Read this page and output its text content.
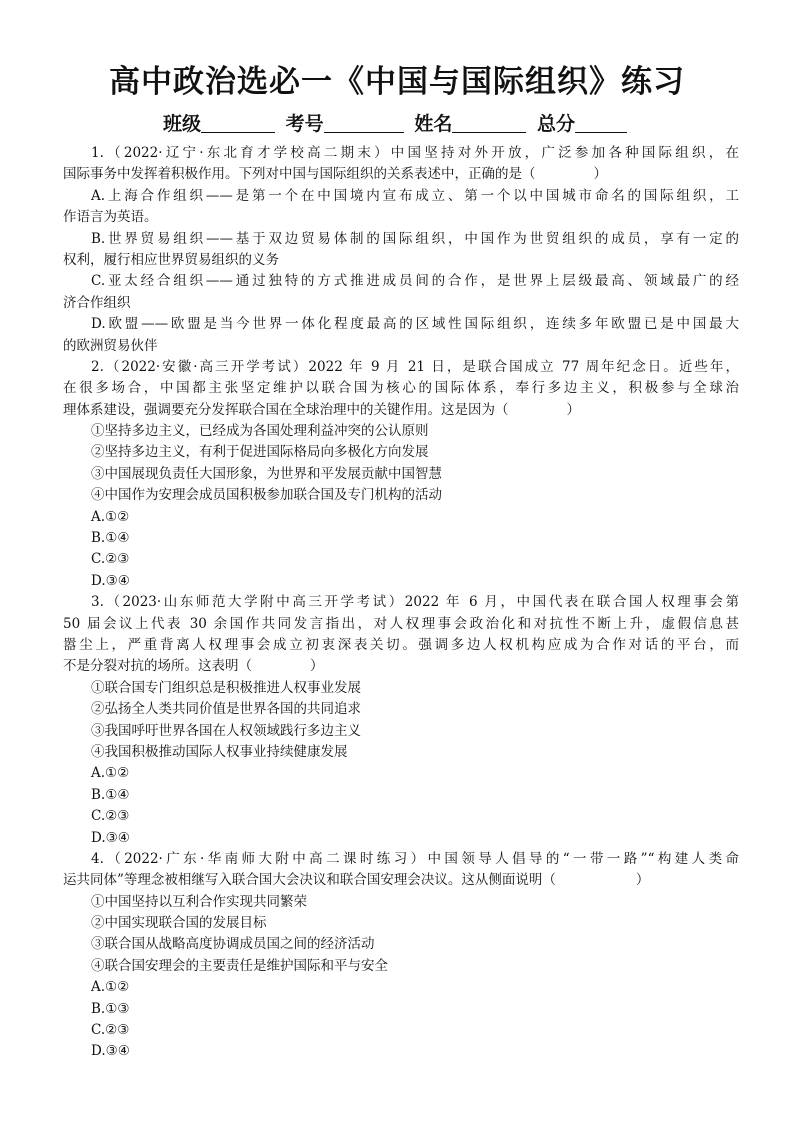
高中政治选必一《中国与国际组织》练习
班级	考号	姓名	总分
1.（2022·辽宁·东北育才学校高二期末）中国坚持对外开放，广泛参加各种国际组织，在
国际事务中发挥着积极作用。下列对中国与国际组织的关系表述中，正确的是（	）
A.上海合作组织——是第一个在中国境内宣布成立、第一个以中国城市命名的国际组织，工
作语言为英语。
B.世界贸易组织——基于双边贸易体制的国际组织，中国作为世贸组织的成员，享有一定的
权利，履行相应世界贸易组织的义务
C.亚太经合组织——通过独特的方式推进成员间的合作，是世界上层级最高、领域最广的经
济合作组织
D.欧盟——欧盟是当今世界一体化程度最高的区域性国际组织，连续多年欧盟已是中国最大
的欧洲贸易伙伴
2.（2022·安徽·高三开学考试）2022 年 9 月 21 日，是联合国成立 77 周年纪念日。近些年，
在很多场合，中国都主张坚定维护以联合国为核心的国际体系，奉行多边主义，积极参与全球治
理体系建设，强调要充分发挥联合国在全球治理中的关键作用。这是因为（	）
①坚持多边主义，已经成为各国处理利益冲突的公认原则
②坚持多边主义，有利于促进国际格局向多极化方向发展
③中国展现负责任大国形象，为世界和平发展贡献中国智慧
④中国作为安理会成员国积极参加联合国及专门机构的活动
A.①②
B.①④
C.②③
D.③④
3.（2023·山东师范大学附中高三开学考试）2022 年 6 月，中国代表在联合国人权理事会第
50 届会议上代表 30 余国作共同发言指出，对人权理事会政治化和对抗性不断上升，虚假信息甚
嚣尘上，严重背离人权理事会成立初衷深表关切。强调多边人权机构应成为合作对话的平台，而
不是分裂对抗的场所。这表明（	）
①联合国专门组织总是积极推进人权事业发展
②弘扬全人类共同价值是世界各国的共同追求
③我国呼吁世界各国在人权领域践行多边主义
④我国积极推动国际人权事业持续健康发展
A.①②
B.①④
C.②③
D.③④
4.（2022·广东·华南师大附中高二课时练习）中国领导人倡导的“一带一路”“构建人类命
运共同体”等理念被相继写入联合国大会决议和联合国安理会决议。这从侧面说明（	）
①中国坚持以互利合作实现共同繁荣
②中国实现联合国的发展目标
③联合国从战略高度协调成员国之间的经济活动
④联合国安理会的主要责任是维护国际和平与安全
A.①②
B.①③
C.②③
D.③④
